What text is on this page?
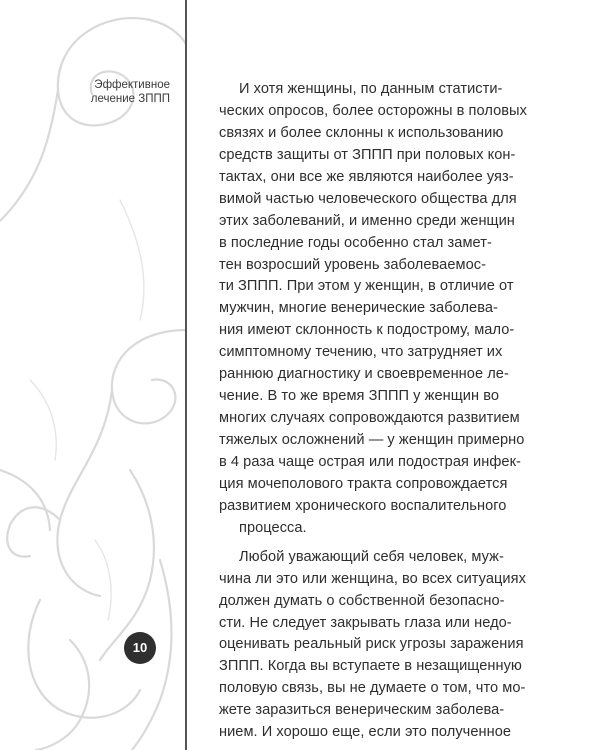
Эффективное
лечение ЗППП
10
И хотя женщины, по данным статисти-
ческих опросов, более осторожны в половых
связях и более склонны к использованию
средств защиты от ЗППП при половых кон-
тактах, они все же являются наиболее уяз-
вимой частью человеческого общества для
этих заболеваний, и именно среди женщин
в последние годы особенно стал замет-
тен возросший уровень заболеваемос-
ти ЗППП. При этом у женщин, в отличие от
мужчин, многие венерические заболева-
ния имеют склонность к подострому, мало-
симптомному течению, что затрудняет их
раннюю диагностику и своевременное ле-
чение. В то же время ЗППП у женщин во
многих случаях сопровождаются развитием
тяжелых осложнений — у женщин примерно
в 4 раза чаще острая или подострая инфек-
ция мочеполового тракта сопровождается
развитием хронического воспалительного
процесса.
Любой уважающий себя человек, муж-
чина ли это или женщина, во всех ситуациях
должен думать о собственной безопасно-
сти. Не следует закрывать глаза или недо-
оценивать реальный риск угрозы заражения
ЗППП. Когда вы вступаете в незащищенную
половую связь, вы не думаете о том, что мо-
жете заразиться венерическим заболева-
нием. И хорошо еще, если это полученное
